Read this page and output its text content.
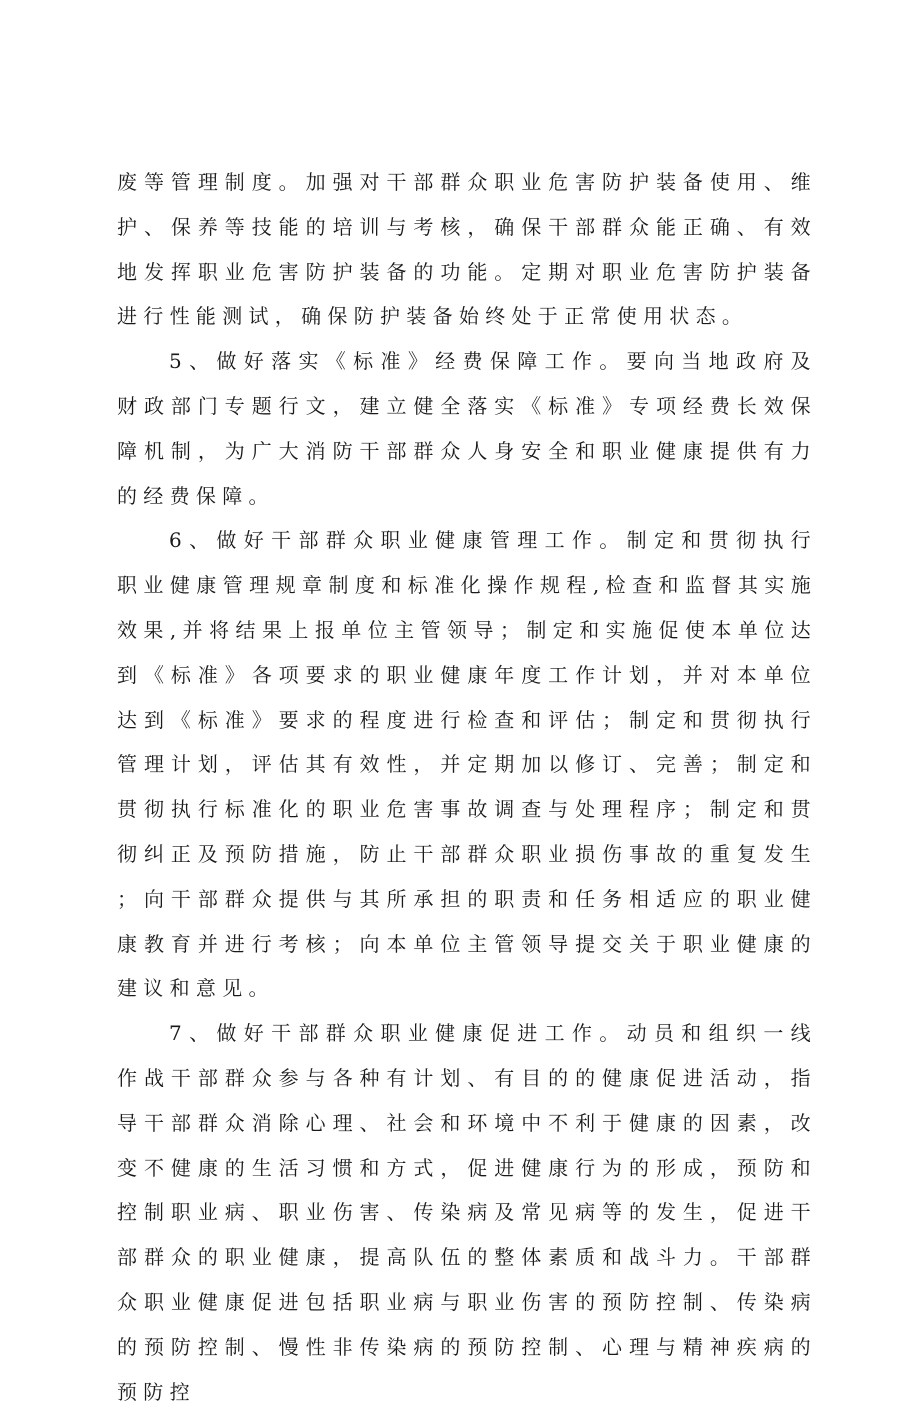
废等管理制度。加强对干部群众职业危害防护装备使用、维护、保养等技能的培训与考核，确保干部群众能正确、有效地发挥职业危害防护装备的功能。定期对职业危害防护装备进行性能测试，确保防护装备始终处于正常使用状态。

5、做好落实《标准》经费保障工作。要向当地政府及财政部门专题行文，建立健全落实《标准》专项经费长效保障机制，为广大消防干部群众人身安全和职业健康提供有力的经费保障。

6、做好干部群众职业健康管理工作。制定和贯彻执行职业健康管理规章制度和标准化操作规程,检查和监督其实施效果,并将结果上报单位主管领导；制定和实施促使本单位达到《标准》各项要求的职业健康年度工作计划，并对本单位达到《标准》要求的程度进行检查和评估；制定和贯彻执行管理计划，评估其有效性，并定期加以修订、完善；制定和贯彻执行标准化的职业危害事故调查与处理程序；制定和贯彻纠正及预防措施，防止干部群众职业损伤事故的重复发生；向干部群众提供与其所承担的职责和任务相适应的职业健康教育并进行考核；向本单位主管领导提交关于职业健康的建议和意见。

7、做好干部群众职业健康促进工作。动员和组织一线作战干部群众参与各种有计划、有目的的健康促进活动，指导干部群众消除心理、社会和环境中不利于健康的因素，改变不健康的生活习惯和方式，促进健康行为的形成，预防和控制职业病、职业伤害、传染病及常见病等的发生，促进干部群众的职业健康，提高队伍的整体素质和战斗力。干部群众职业健康促进包括职业病与职业伤害的预防控制、传染病的预防控制、慢性非传染病的预防控制、心理与精神疾病的预防控
